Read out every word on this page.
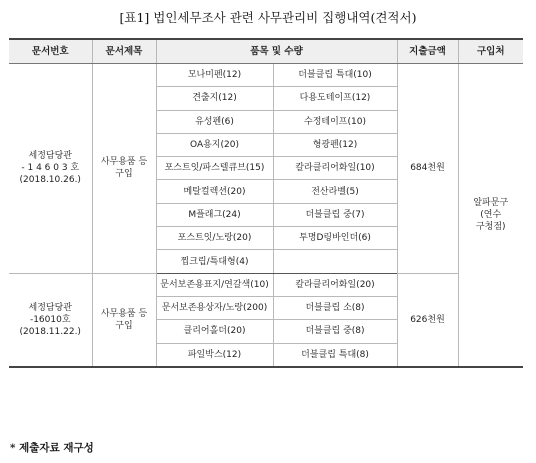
[표1] 법인세무조사 관련 사무관리비 집행내역(견적서)
문서번호	문서제목	품목 및 수량		지출금액	구입처

세정담당관
- 1 4 6 0 3 호
(2018.10.26.)	사무용품 등
구입	모나미펜(12)	더블클립 특대(10)	684천원	알파문구
(연수
구청점)

		견출지(12)	다용도테이프(12)		
		유성펜(6)	수정테이프(10)		
		OA용지(20)	형광펜(12)		
		포스트잇/파스텔큐브(15)	칼라클리어화일(10)		
		메탈컬렉션(20)	전산라벨(5)		
		M플래그(24)	더블클립 중(7)		
		포스트잇/노랑(20)	투명D링바인더(6)		
		찝크립/특대형(4)			

세정담당관
-16010호
(2018.11.22.)	사무용품 등
구입	문서보존용표지/연갈색(10)	칼라클리어화일(20)	626천원	
		문서보존용상자/노랑(200)	더블클립 소(8)		
		클리어홀더(20)	더블클립 중(8)		
		파일박스(12)	더블클립 특대(8)		
* 제출자료 재구성
